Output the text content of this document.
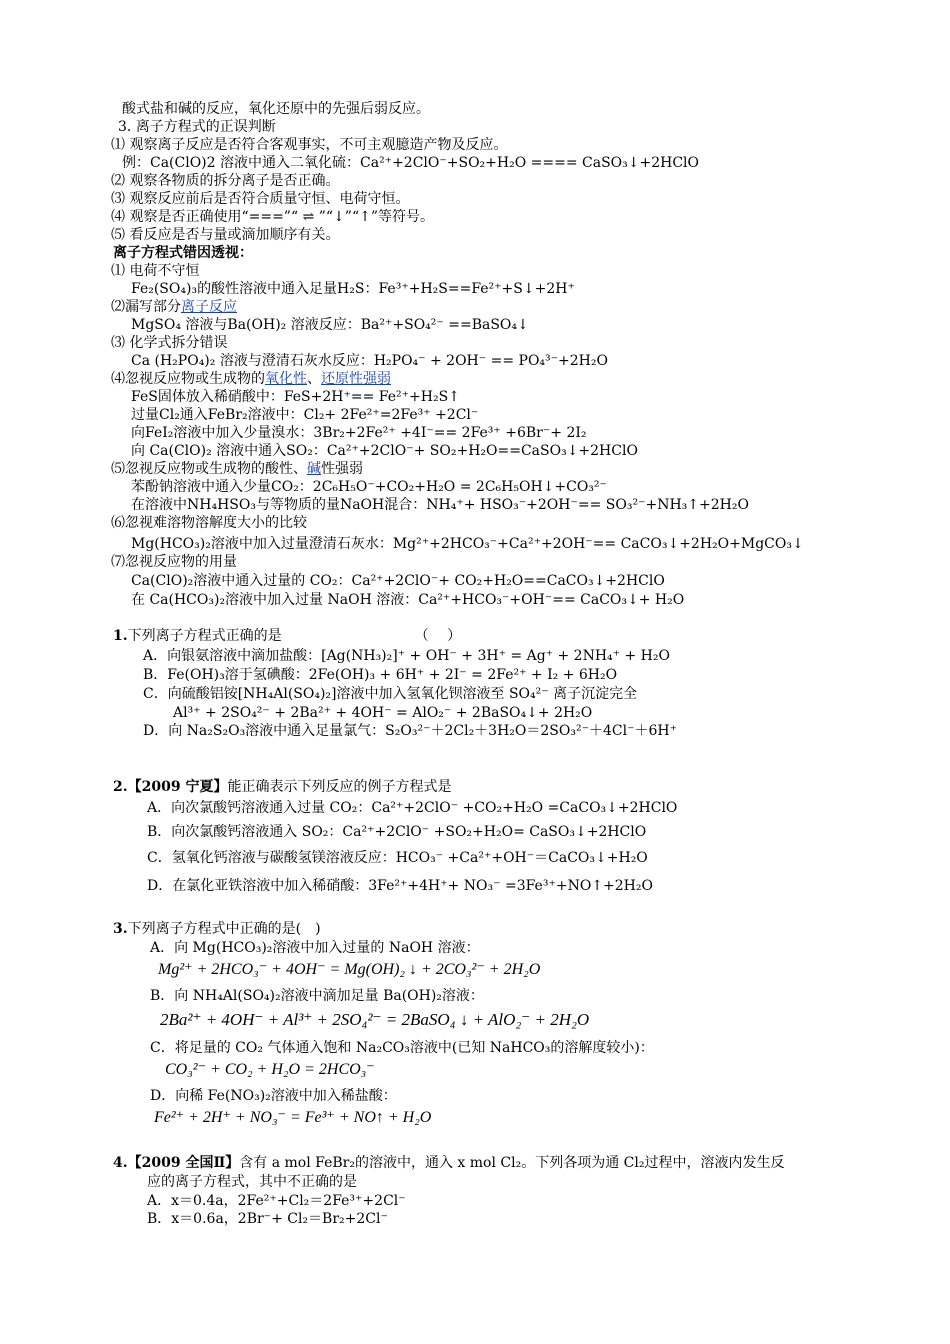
酸式盐和碱的反应，氧化还原中的先强后弱反应。
3. 离子方程式的正误判断
⑴ 观察离子反应是否符合客观事实，不可主观臆造产物及反应。
例：Ca(ClO)2 溶液中通入二氧化硫：Ca²⁺+2ClO⁻+SO₂+H₂O ==== CaSO₃↓+2HClO
⑵ 观察各物质的拆分离子是否正确。
⑶ 观察反应前后是否符合质量守恒、电荷守恒。
⑷ 观察是否正确使用“===”“ ⇌ ”“↓”“↑”等符号。
⑸ 看反应是否与量或滴加顺序有关。
离子方程式错因透视：
⑴ 电荷不守恒
Fe₂(SO₄)₃的酸性溶液中通入足量H₂S：Fe³⁺+H₂S==Fe²⁺+S↓+2H⁺
⑵漏写部分离子反应
MgSO₄ 溶液与Ba(OH)₂ 溶液反应：Ba²⁺+SO₄²⁻ ==BaSO₄↓
⑶ 化学式拆分错误
Ca (H₂PO₄)₂ 溶液与澄清石灰水反应：H₂PO₄⁻ + 2OH⁻ == PO₄³⁻+2H₂O
⑷忽视反应物或生成物的氧化性、还原性强弱
FeS固体放入稀硝酸中：FeS+2H⁺== Fe²⁺+H₂S↑
过量Cl₂通入FeBr₂溶液中：Cl₂+ 2Fe²⁺=2Fe³⁺ +2Cl⁻
向FeI₂溶液中加入少量溴水：3Br₂+2Fe²⁺ +4I⁻== 2Fe³⁺ +6Br⁻+ 2I₂
向 Ca(ClO)₂ 溶液中通入SO₂：Ca²⁺+2ClO⁻+ SO₂+H₂O==CaSO₃↓+2HClO
⑸忽视反应物或生成物的酸性、碱性强弱
苯酚钠溶液中通入少量CO₂：2C₆H₅O⁻+CO₂+H₂O = 2C₆H₅OH↓+CO₃²⁻
在溶液中NH₄HSO₃与等物质的量NaOH混合：NH₄⁺+ HSO₃⁻+2OH⁻== SO₃²⁻+NH₃↑+2H₂O
⑹忽视难溶物溶解度大小的比较
Mg(HCO₃)₂溶液中加入过量澄清石灰水：Mg²⁺+2HCO₃⁻+Ca²⁺+2OH⁻== CaCO₃↓+2H₂O+MgCO₃↓
⑺忽视反应物的用量
Ca(ClO)₂溶液中通入过量的 CO₂：Ca²⁺+2ClO⁻+ CO₂+H₂O==CaCO₃↓+2HClO
在 Ca(HCO₃)₂溶液中加入过量 NaOH 溶液：Ca²⁺+HCO₃⁻+OH⁻== CaCO₃↓+ H₂O
1.下列离子方程式正确的是　　　　　　　　　　（　 ）
A．向银氨溶液中滴加盐酸：[Ag(NH₃)₂]⁺ + OH⁻ + 3H⁺ = Ag⁺ + 2NH₄⁺ + H₂O
B．Fe(OH)₃溶于氢碘酸：2Fe(OH)₃ + 6H⁺ + 2I⁻ = 2Fe²⁺ + I₂ + 6H₂O
C．向硫酸铝铵[NH₄Al(SO₄)₂]溶液中加入氢氧化钡溶液至 SO₄²⁻ 离子沉淀完全
Al³⁺ + 2SO₄²⁻ + 2Ba²⁺ + 4OH⁻ = AlO₂⁻ + 2BaSO₄↓+ 2H₂O
D．向 Na₂S₂O₃溶液中通入足量氯气：S₂O₃²⁻＋2Cl₂＋3H₂O＝2SO₃²⁻＋4Cl⁻＋6H⁺
2.【2009 宁夏】能正确表示下列反应的例子方程式是
A．向次氯酸钙溶液通入过量 CO₂：Ca²⁺+2ClO⁻ +CO₂+H₂O =CaCO₃↓+2HClO
B．向次氯酸钙溶液通入 SO₂：Ca²⁺+2ClO⁻ +SO₂+H₂O= CaSO₃↓+2HClO
C．氢氧化钙溶液与碳酸氢镁溶液反应：HCO₃⁻ +Ca²⁺+OH⁻＝CaCO₃↓+H₂O
D．在氯化亚铁溶液中加入稀硝酸：3Fe²⁺+4H⁺+ NO₃⁻ =3Fe³⁺+NO↑+2H₂O
3.下列离子方程式中正确的是(　)
A．向 Mg(HCO₃)₂溶液中加入过量的 NaOH 溶液：
Mg²⁺ + 2HCO₃⁻ + 4OH⁻ = Mg(OH)₂ ↓ + 2CO₃²⁻ + 2H₂O
B．向 NH₄Al(SO₄)₂溶液中滴加足量 Ba(OH)₂溶液：
2Ba²⁺ + 4OH⁻ + Al³⁺ + 2SO₄²⁻ = 2BaSO₄ ↓ + AlO₂⁻ + 2H₂O
C．将足量的 CO₂ 气体通入饱和 Na₂CO₃溶液中(已知 NaHCO₃的溶解度较小)：
CO₃²⁻ + CO₂ + H₂O = 2HCO₃⁻
D．向稀 Fe(NO₃)₂溶液中加入稀盐酸：
Fe²⁺ + 2H⁺ + NO₃⁻ = Fe³⁺ + NO↑ + H₂O
4.【2009 全国Ⅱ】含有 a mol FeBr₂的溶液中，通入 x mol Cl₂。下列各项为通 Cl₂过程中，溶液内发生反
应的离子方程式，其中不正确的是
A．x＝0.4a，2Fe²⁺+Cl₂＝2Fe³⁺+2Cl⁻
B．x＝0.6a，2Br⁻+ Cl₂＝Br₂+2Cl⁻
